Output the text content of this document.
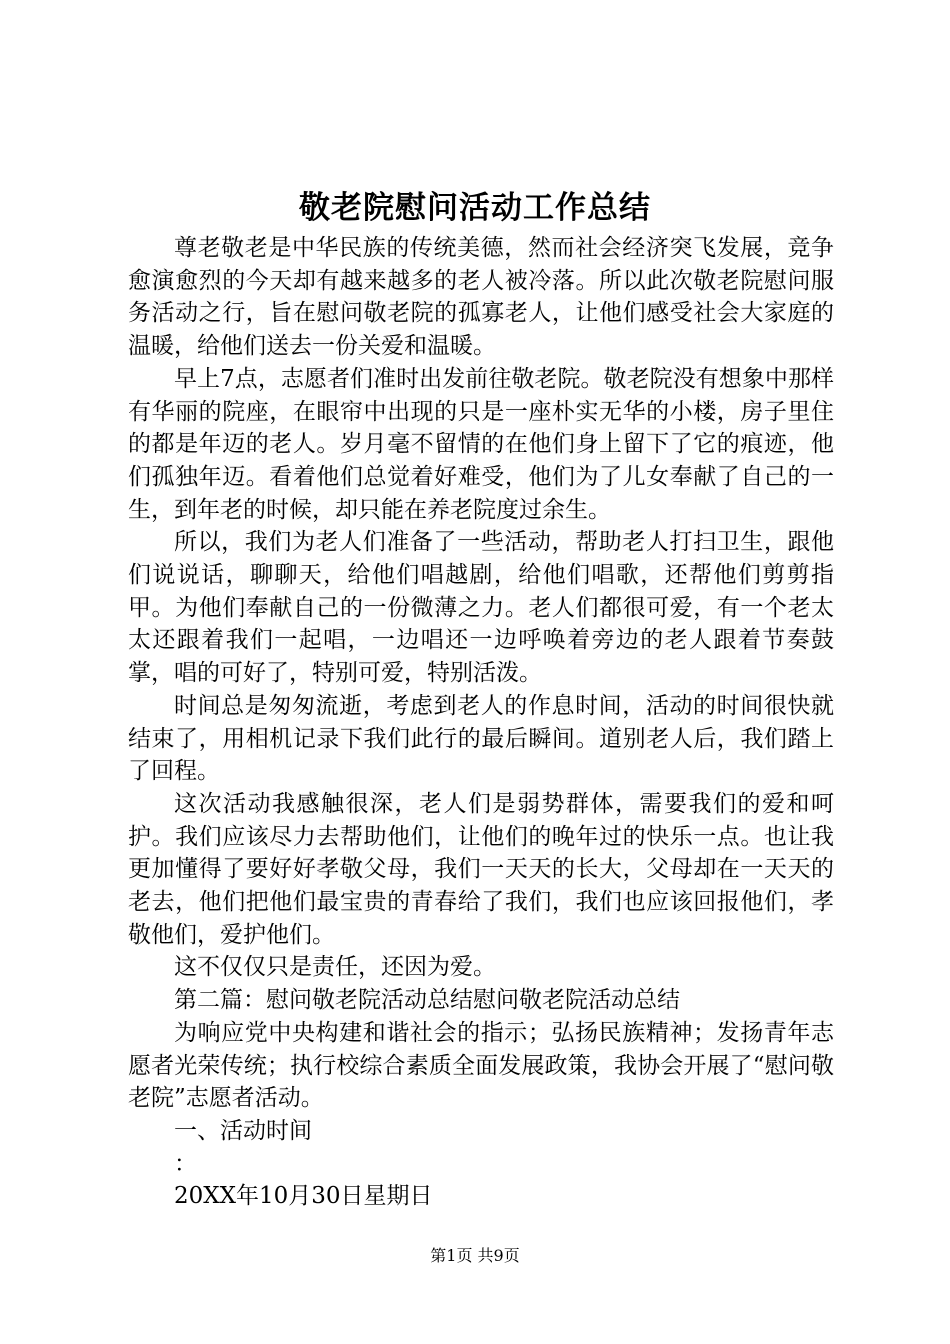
敬老院慰问活动工作总结

尊老敬老是中华民族的传统美德，然而社会经济突飞发展，竞争愈演愈烈的今天却有越来越多的老人被冷落。所以此次敬老院慰问服务活动之行，旨在慰问敬老院的孤寡老人，让他们感受社会大家庭的温暖，给他们送去一份关爱和温暖。

早上7点，志愿者们准时出发前往敬老院。敬老院没有想象中那样有华丽的院座，在眼帘中出现的只是一座朴实无华的小楼，房子里住的都是年迈的老人。岁月毫不留情的在他们身上留下了它的痕迹，他们孤独年迈。看着他们总觉着好难受，他们为了儿女奉献了自己的一生，到年老的时候，却只能在养老院度过余生。

所以，我们为老人们准备了一些活动，帮助老人打扫卫生，跟他们说说话，聊聊天，给他们唱越剧，给他们唱歌，还帮他们剪剪指甲。为他们奉献自己的一份微薄之力。老人们都很可爱，有一个老太太还跟着我们一起唱，一边唱还一边呼唤着旁边的老人跟着节奏鼓掌，唱的可好了，特别可爱，特别活泼。

时间总是匆匆流逝，考虑到老人的作息时间，活动的时间很快就结束了，用相机记录下我们此行的最后瞬间。道别老人后，我们踏上了回程。

这次活动我感触很深，老人们是弱势群体，需要我们的爱和呵护。我们应该尽力去帮助他们，让他们的晚年过的快乐一点。也让我更加懂得了要好好孝敬父母，我们一天天的长大，父母却在一天天的老去，他们把他们最宝贵的青春给了我们，我们也应该回报他们，孝敬他们，爱护他们。

这不仅仅只是责任，还因为爱。

第二篇：慰问敬老院活动总结慰问敬老院活动总结

为响应党中央构建和谐社会的指示；弘扬民族精神；发扬青年志愿者光荣传统；执行校综合素质全面发展政策，我协会开展了“慰问敬老院”志愿者活动。

一、活动时间

：

20XX年10月30日星期日

第1页 共9页
